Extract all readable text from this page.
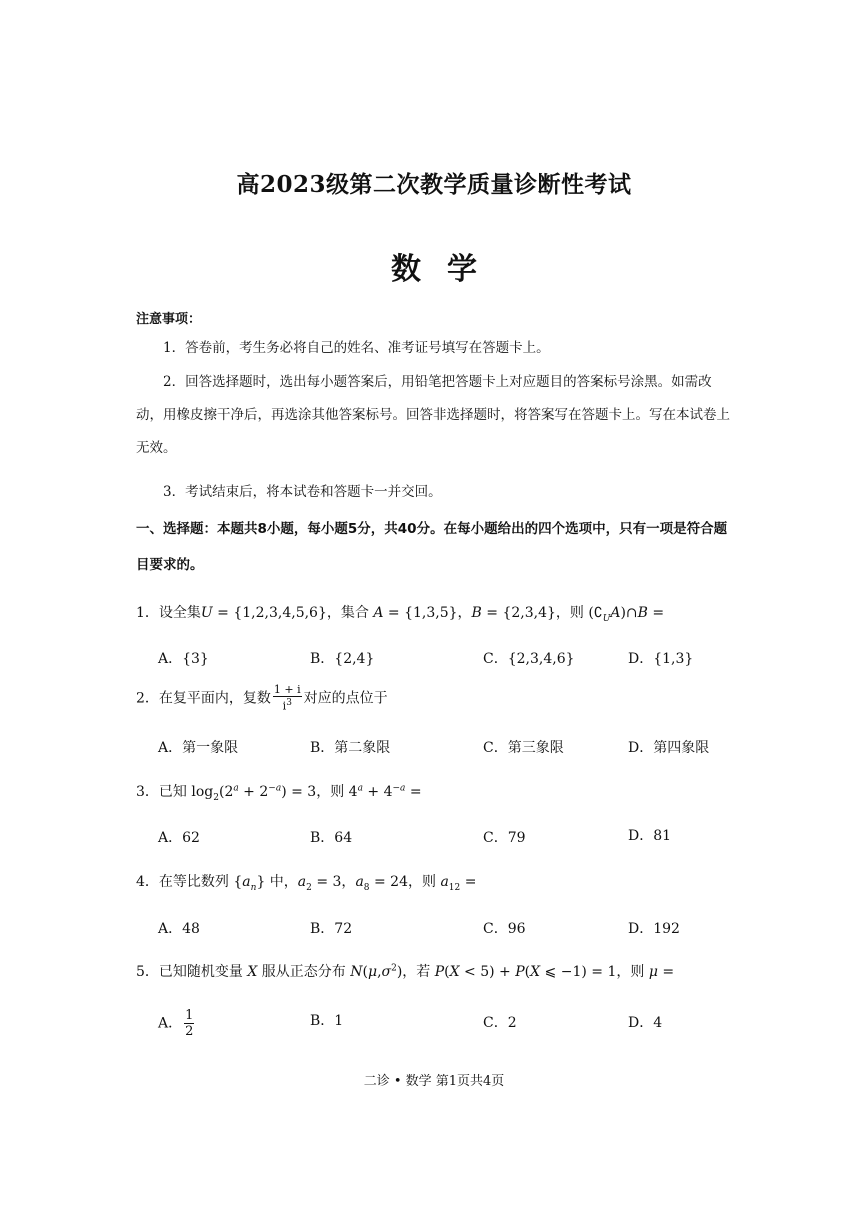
高2023级第二次教学质量诊断性考试
数学
注意事项：
1．答卷前，考生务必将自己的姓名、准考证号填写在答题卡上。
2．回答选择题时，选出每小题答案后，用铅笔把答题卡上对应题目的答案标号涂黑。如需改动，用橡皮擦干净后，再选涂其他答案标号。回答非选择题时，将答案写在答题卡上。写在本试卷上无效。
3．考试结束后，将本试卷和答题卡一并交回。
一、选择题：本题共8小题，每小题5分，共40分。在每小题给出的四个选项中，只有一项是符合题目要求的。
1．设全集U = {1,2,3,4,5,6}，集合 A = {1,3,5}，B = {2,3,4}，则 $(∁_UA)\cap B$ =
A．{3}	B．{2,4}	C．{2,3,4,6}	D．{1,3}
2．在复平面内，复数 $\frac{1 + i}{i^3}$ 对应的点位于
A．第一象限	B．第二象限	C．第三象限	D．第四象限
3．已知 $\log_2(2^a + 2^{-a}) = 3$，则 $4^a + 4^{-a}$ =
A．62	B．64	C．79	D．81
4．在等比数列 $\{a_n\}$ 中，$a_2 = 3$，$a_8 = 24$，则 $a_{12}$ =
A．48	B．72	C．96	D．192
5．已知随机变量 X 服从正态分布 $N(\mu,\sigma^2)$，若 P(X < 5) + P(X ⩽ −1) = 1，则 μ =
A． $\frac{1}{2}$	B．1	C．2	D．4
二诊 • 数学 第1页共4页
